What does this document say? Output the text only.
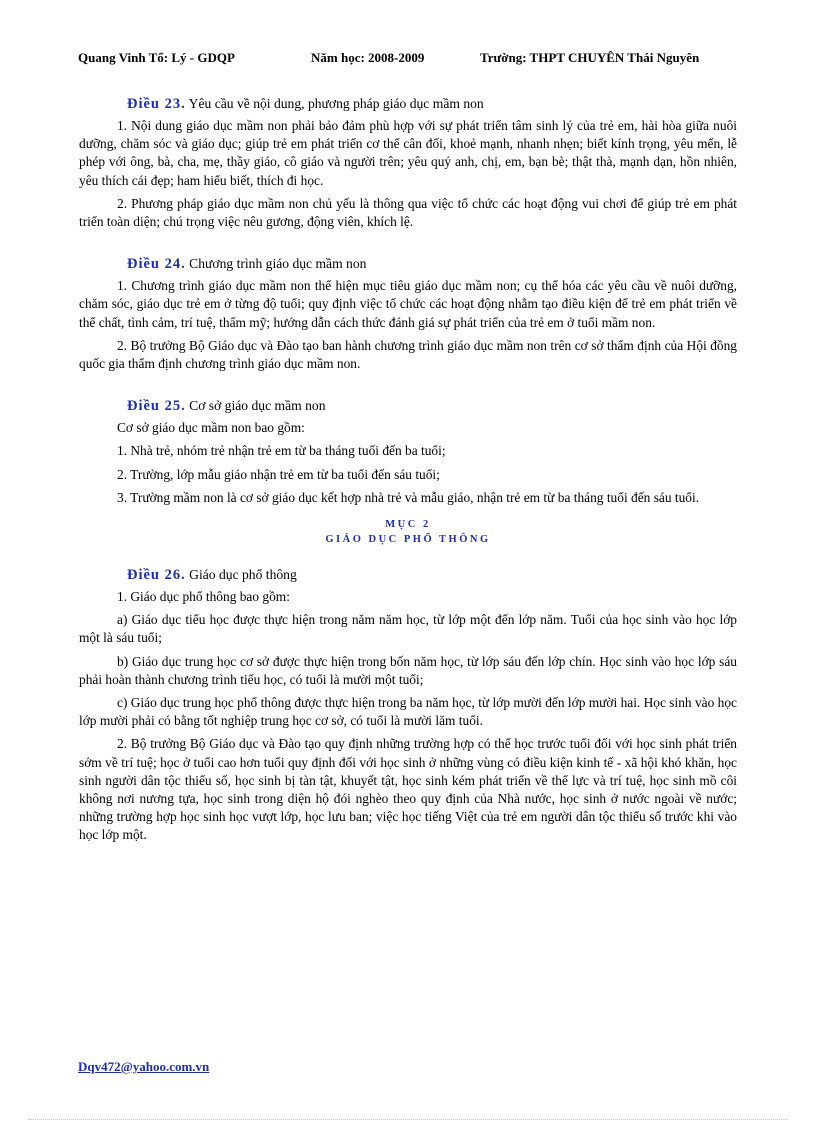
Quang Vinh Tổ: Lý - GDQP	Năm học: 2008-2009	Trường: THPT CHUYÊN Thái Nguyên
Điều 23. Yêu cầu về nội dung, phương pháp giáo dục mầm non

1. Nội dung giáo dục mầm non phải bảo đảm phù hợp với sự phát triển tâm sinh lý của trẻ em, hài hòa giữa nuôi dưỡng, chăm sóc và giáo dục; giúp trẻ em phát triển cơ thể cân đối, khoẻ mạnh, nhanh nhẹn; biết kính trọng, yêu mến, lễ phép với ông, bà, cha, mẹ, thầy giáo, cô giáo và người trên; yêu quý anh, chị, em, bạn bè; thật thà, mạnh dạn, hồn nhiên, yêu thích cái đẹp; ham hiểu biết, thích đi học.

2. Phương pháp giáo dục mầm non chủ yếu là thông qua việc tổ chức các hoạt động vui chơi để giúp trẻ em phát triển toàn diện; chú trọng việc nêu gương, động viên, khích lệ.

Điều 24. Chương trình giáo dục mầm non

1. Chương trình giáo dục mầm non thể hiện mục tiêu giáo dục mầm non; cụ thể hóa các yêu cầu về nuôi dưỡng, chăm sóc, giáo dục trẻ em ở từng độ tuổi; quy định việc tổ chức các hoạt động nhằm tạo điều kiện để trẻ em phát triển về thể chất, tình cảm, trí tuệ, thẩm mỹ; hướng dẫn cách thức đánh giá sự phát triển của trẻ em ở tuổi mầm non.

2. Bộ trưởng Bộ Giáo dục và Đào tạo ban hành chương trình giáo dục mầm non trên cơ sở thẩm định của Hội đồng quốc gia thẩm định chương trình giáo dục mầm non.

Điều 25. Cơ sở giáo dục mầm non

Cơ sở giáo dục mầm non bao gồm:

1. Nhà trẻ, nhóm trẻ nhận trẻ em từ ba tháng tuổi đến ba tuổi;

2. Trường, lớp mẫu giáo nhận trẻ em từ ba tuổi đến sáu tuổi;

3. Trường mầm non là cơ sở giáo dục kết hợp nhà trẻ và mẫu giáo, nhận trẻ em từ ba tháng tuổi đến sáu tuổi.

MỤC 2
GIÁO DỤC PHỔ THÔNG
Điều 26. Giáo dục phổ thông

1. Giáo dục phổ thông bao gồm:

a) Giáo dục tiểu học được thực hiện trong năm năm học, từ lớp một đến lớp năm. Tuổi của học sinh vào học lớp một là sáu tuổi;

b) Giáo dục trung học cơ sở được thực hiện trong bốn năm học, từ lớp sáu đến lớp chín. Học sinh vào học lớp sáu phải hoàn thành chương trình tiểu học, có tuổi là mười một tuổi;

c) Giáo dục trung học phổ thông được thực hiện trong ba năm học, từ lớp mười đến lớp mười hai. Học sinh vào học lớp mười phải có bằng tốt nghiệp trung học cơ sở, có tuổi là mười lăm tuổi.

2. Bộ trưởng Bộ Giáo dục và Đào tạo quy định những trường hợp có thể học trước tuổi đối với học sinh phát triển sớm về trí tuệ; học ở tuổi cao hơn tuổi quy định đối với học sinh ở những vùng có điều kiện kinh tế - xã hội khó khăn, học sinh người dân tộc thiểu số, học sinh bị tàn tật, khuyết tật, học sinh kém phát triển về thể lực và trí tuệ, học sinh mồ côi không nơi nương tựa, học sinh trong diện hộ đói nghèo theo quy định của Nhà nước, học sinh ở nước ngoài về nước; những trường hợp học sinh học vượt lớp, học lưu ban; việc học tiếng Việt của trẻ em người dân tộc thiểu số trước khi vào học lớp một.

Dqv472@yahoo.com.vn
